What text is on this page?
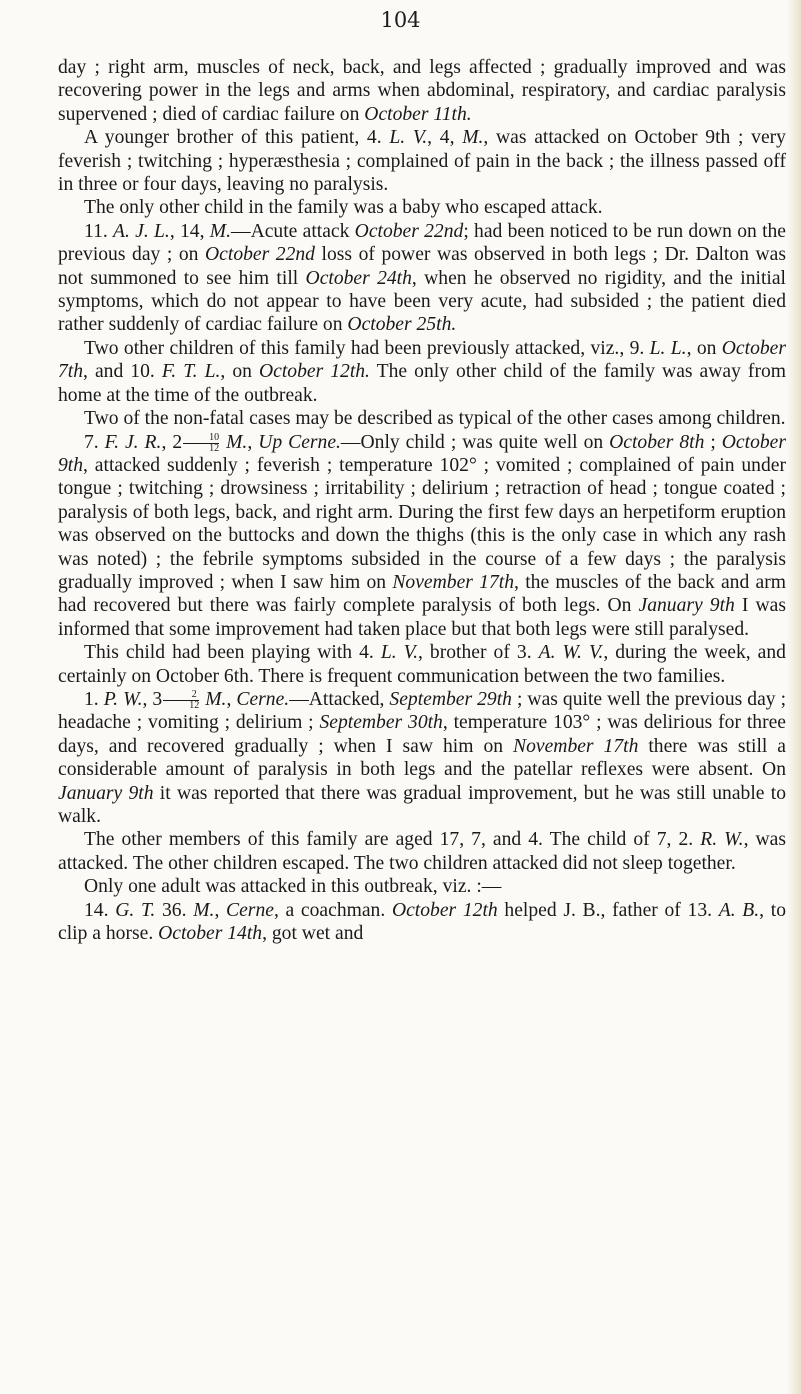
104

day ; right arm, muscles of neck, back, and legs affected ; gradually improved and was recovering power in the legs and arms when abdominal, respiratory, and cardiac paralysis supervened ; died of cardiac failure on October 11th.

A younger brother of this patient, 4. L. V., 4, M., was attacked on October 9th ; very feverish ; twitching ; hyperæsthesia ; complained of pain in the back ; the illness passed off in three or four days, leaving no paralysis.

The only other child in the family was a baby who escaped attack.

11. A. J. L., 14, M.—Acute attack October 22nd; had been noticed to be run down on the previous day ; on October 22nd loss of power was observed in both legs ; Dr. Dalton was not summoned to see him till October 24th, when he observed no rigidity, and the initial symptoms, which do not appear to have been very acute, had subsided ; the patient died rather suddenly of cardiac failure on October 25th.

Two other children of this family had been previously attacked, viz., 9. L. L., on October 7th, and 10. F. T. L., on October 12th. The only other child of the family was away from home at the time of the outbreak.

Two of the non-fatal cases may be described as typical of the other cases among children.

7. F. J. R., $2 \frac{10}{12} M$., Up Cerne.—Only child ; was quite well on October 8th ; October 9th, attacked suddenly ; feverish ; temperature 102° ; vomited ; complained of pain under tongue ; twitching ; drowsiness ; irritability ; delirium ; retraction of head ; tongue coated ; paralysis of both legs, back, and right arm. During the first few days an herpetiform eruption was observed on the buttocks and down the thighs (this is the only case in which any rash was noted) ; the febrile symptoms subsided in the course of a few days ; the paralysis gradually improved ; when I saw him on November 17th, the muscles of the back and arm had recovered but there was fairly complete paralysis of both legs. On January 9th I was informed that some improvement had taken place but that both legs were still paralysed.

This child had been playing with 4. L. V., brother of 3. A. W. V., during the week, and certainly on October 6th. There is frequent communication between the two families.

1. P. W., $3 \frac{2}{12} M$., Cerne.—Attacked, September 29th ; was quite well the previous day ; headache ; vomiting ; delirium ; September 30th, temperature 103° ; was delirious for three days, and recovered gradually ; when I saw him on November 17th there was still a considerable amount of paralysis in both legs and the patellar reflexes were absent. On January 9th it was reported that there was gradual improvement, but he was still unable to walk.

The other members of this family are aged 17, 7, and 4. The child of 7, 2. R. W., was attacked. The other children escaped. The two children attacked did not sleep together.

Only one adult was attacked in this outbreak, viz. :—

14. G. T. 36. M., Cerne, a coachman. October 12th helped J. B., father of 13. A. B., to clip a horse. October 14th, got wet and
